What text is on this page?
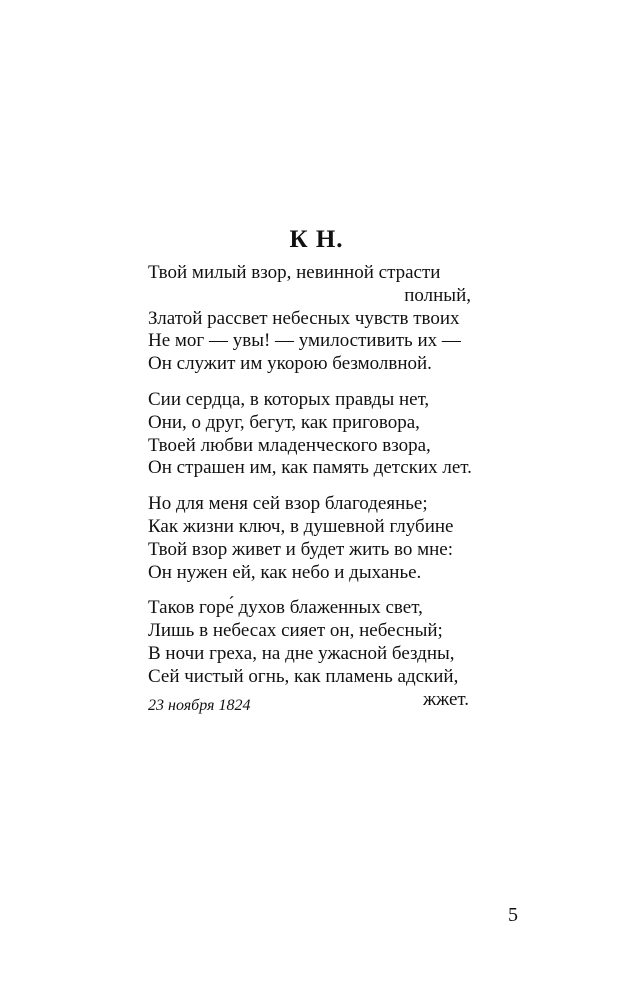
К Н.
Твой милый взор, невинной страсти
полный,
Златой рассвет небесных чувств твоих
Не мог — увы! — умилостивить их —
Он служит им укорою безмолвной.
Сии сердца, в которых правды нет,
Они, о друг, бегут, как приговора,
Твоей любви младенческого взора,
Он страшен им, как память детских лет.
Но для меня сей взор благодеянье;
Как жизни ключ, в душевной глубине
Твой взор живет и будет жить во мне:
Он нужен ей, как небо и дыханье.
Таков горе́ духов блаженных свет,
Лишь в небесах сияет он, небесный;
В ночи греха, на дне ужасной бездны,
Сей чистый огнь, как пламень адский,
жжет.
23 ноября 1824
5
